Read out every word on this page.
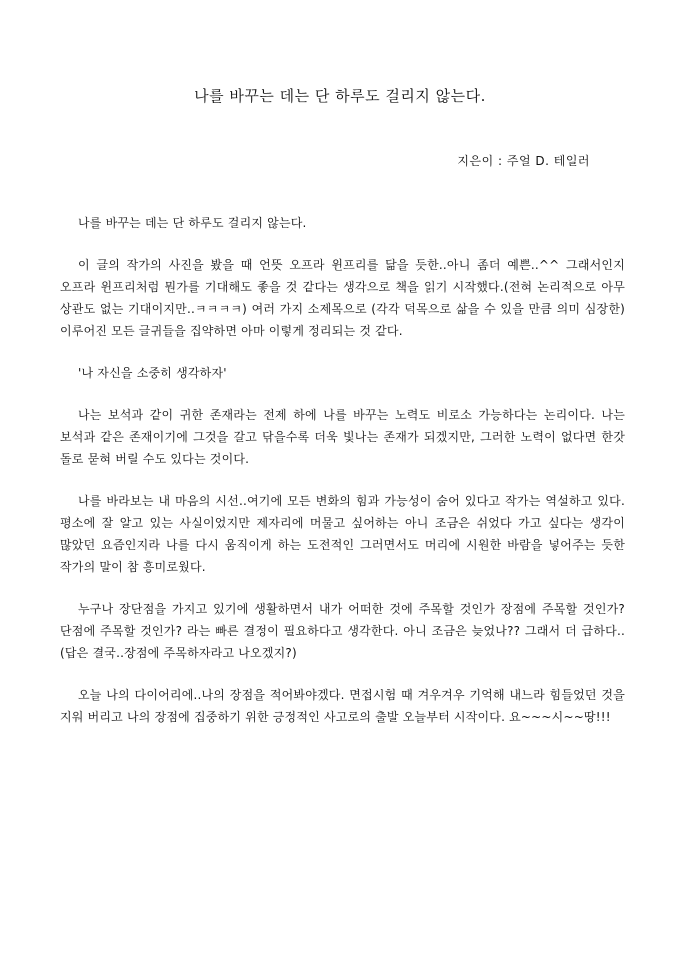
나를 바꾸는 데는 단 하루도 걸리지 않는다.

지은이 : 주얼 D. 테일러

나를 바꾸는 데는 단 하루도 걸리지 않는다.

이 글의 작가의 사진을 봤을 때 언뜻 오프라 윈프리를 닮을 듯한..아니 좀더 예쁜..^^ 그래서인지 오프라 윈프리처럼 뭔가를 기대해도 좋을 것 같다는 생각으로 책을 읽기 시작했다.(전혀 논리적으로 아무 상관도 없는 기대이지만..ㅋㅋㅋㅋ) 여러 가지 소제목으로 (각각 덕목으로 삶을 수 있을 만큼 의미 심장한) 이루어진 모든 글귀들을 집약하면 아마 이렇게 정리되는 것 같다.

'나 자신을 소중히 생각하자'

나는 보석과 같이 귀한 존재라는 전제 하에 나를 바꾸는 노력도 비로소 가능하다는 논리이다. 나는 보석과 같은 존재이기에 그것을 갈고 닦을수록 더욱 빛나는 존재가 되겠지만, 그러한 노력이 없다면 한갓 돌로 묻혀 버릴 수도 있다는 것이다.

나를 바라보는 내 마음의 시선..여기에 모든 변화의 힘과 가능성이 숨어 있다고 작가는 역설하고 있다. 평소에 잘 알고 있는 사실이었지만 제자리에 머물고 싶어하는 아니 조금은 쉬었다 가고 싶다는 생각이 많았던 요즘인지라 나를 다시 움직이게 하는 도전적인 그러면서도 머리에 시원한 바람을 넣어주는 듯한 작가의 말이 참 흥미로웠다.

누구나 장단점을 가지고 있기에 생활하면서 내가 어떠한 것에 주목할 것인가 장점에 주목할 것인가? 단점에 주목할 것인가? 라는 빠른 결정이 필요하다고 생각한다. 아니 조금은 늦었나?? 그래서 더 급하다..(답은 결국..장점에 주목하자라고 나오겠지?)

오늘 나의 다이어리에..나의 장점을 적어봐야겠다. 면접시험 때 겨우겨우 기억해 내느라 힘들었던 것을 지워 버리고 나의 장점에 집중하기 위한 긍정적인 사고로의 출발 오늘부터 시작이다. 요~~~시~~땅!!!
